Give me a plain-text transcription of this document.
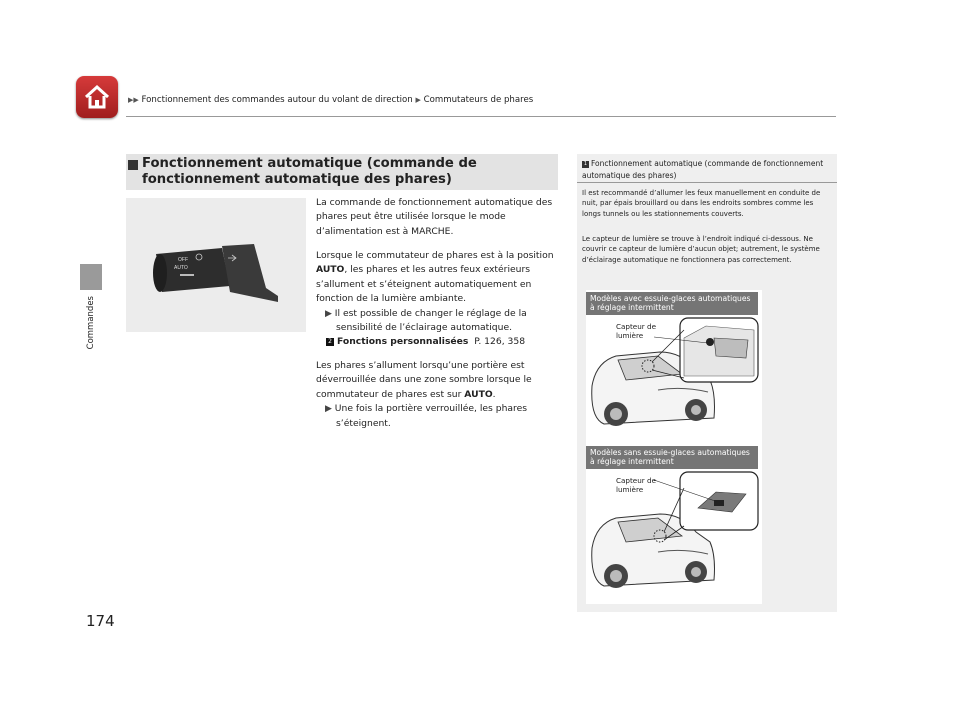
▶▶ Fonctionnement des commandes autour du volant de direction ▶ Commutateurs de phares
Commandes
174
Fonctionnement automatique (commande de fonctionnement automatique des phares)
OFF
AUTO
La commande de fonctionnement automatique des phares peut être utilisée lorsque le mode d’alimentation est à MARCHE.
Lorsque le commutateur de phares est à la position AUTO, les phares et les autres feux extérieurs s’allument et s’éteignent automatiquement en fonction de la lumière ambiante.
▶ Il est possible de changer le réglage de la sensibilité de l’éclairage automatique.
2 Fonctions personnalisées P. 126, 358
Les phares s’allument lorsqu’une portière est déverrouillée dans une zone sombre lorsque le commutateur de phares est sur AUTO.
▶ Une fois la portière verrouillée, les phares s’éteignent.
1 Fonctionnement automatique (commande de fonctionnement automatique des phares)
Il est recommandé d’allumer les feux manuellement en conduite de nuit, par épais brouillard ou dans les endroits sombres comme les longs tunnels ou les stationnements couverts.
Le capteur de lumière se trouve à l’endroit indiqué ci-dessous. Ne couvrir ce capteur de lumière d’aucun objet; autrement, le système d’éclairage automatique ne fonctionnera pas correctement.
Modèles avec essuie-glaces automatiques à réglage intermittent
Capteur de lumière
Modèles sans essuie-glaces automatiques à réglage intermittent
Capteur de lumière
